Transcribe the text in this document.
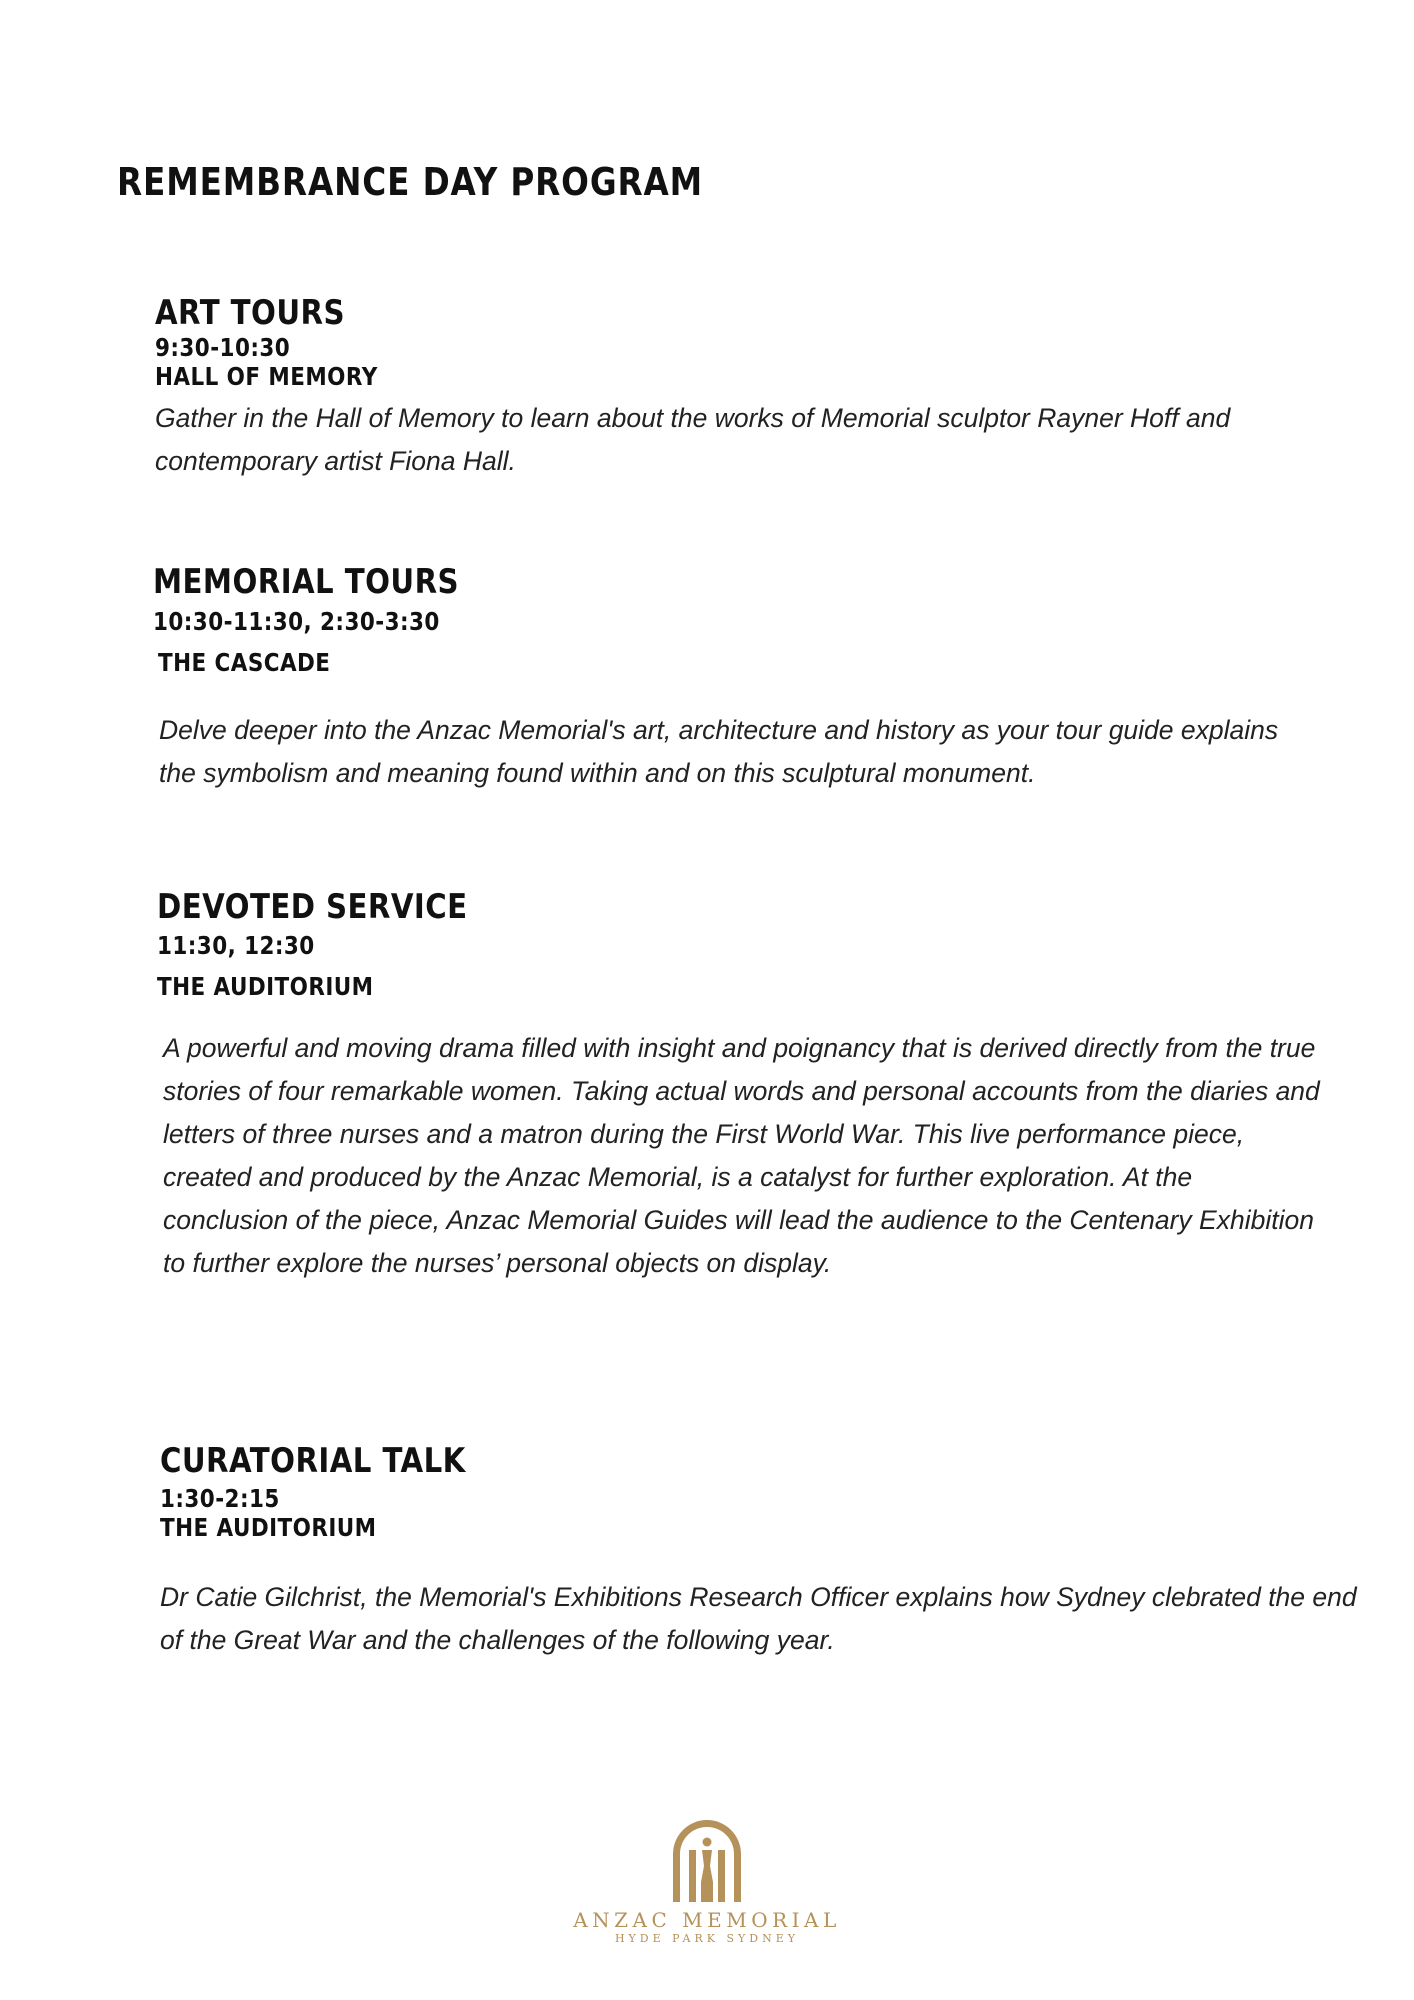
REMEMBRANCE DAY PROGRAM
ART TOURS
9:30-10:30
HALL OF MEMORY

Gather in the Hall of Memory to learn about the works of Memorial sculptor Rayner Hoff and contemporary artist Fiona Hall.

MEMORIAL TOURS
10:30-11:30, 2:30-3:30
THE CASCADE

Delve deeper into the Anzac Memorial's art, architecture and history as your tour guide explains the symbolism and meaning found within and on this sculptural monument.

DEVOTED SERVICE
11:30, 12:30
THE AUDITORIUM

A powerful and moving drama filled with insight and poignancy that is derived directly from the true stories of four remarkable women. Taking actual words and personal accounts from the diaries and letters of three nurses and a matron during the First World War. This live performance piece, created and produced by the Anzac Memorial, is a catalyst for further exploration. At the conclusion of the piece, Anzac Memorial Guides will lead the audience to the Centenary Exhibition to further explore the nurses’ personal objects on display.

CURATORIAL TALK
1:30-2:15
THE AUDITORIUM

Dr Catie Gilchrist, the Memorial's Exhibitions Research Officer explains how Sydney clebrated the end of the Great War and the challenges of the following year.

ANZAC MEMORIAL
HYDE PARK SYDNEY
